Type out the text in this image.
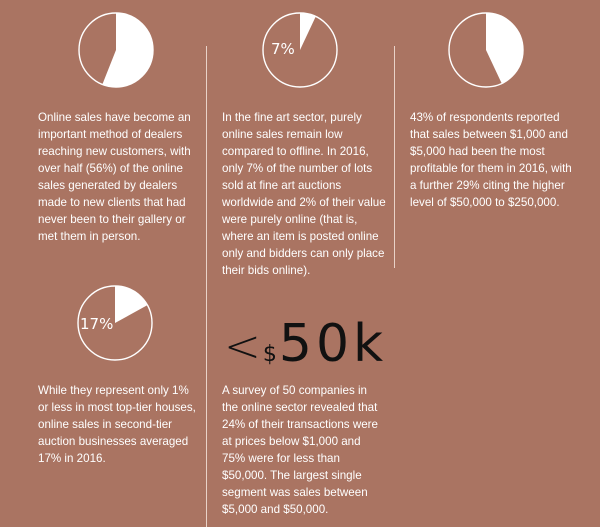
56%	7%	43%
17%

Online sales have become an important method of dealers reaching new customers, with over half (56%) of the online sales generated by dealers made to new clients that had never been to their gallery or met them in person.

In the fine art sector, purely online sales remain low compared to offline. In 2016, only 7% of the number of lots sold at fine art auctions worldwide and 2% of their value were purely online (that is, where an item is posted online only and bidders can only place their bids online).

43% of respondents reported that sales between $1,000 and $5,000 had been the most profitable for them in 2016, with a further 29% citing the higher level of $50,000 to $250,000.

While they represent only 1% or less in most top-tier houses, online sales in second-tier auction businesses averaged 17% in 2016.

<$50k

A survey of 50 companies in the online sector revealed that 24% of their transactions were at prices below $1,000 and 75% were for less than $50,000. The largest single segment was sales between $5,000 and $50,000.
